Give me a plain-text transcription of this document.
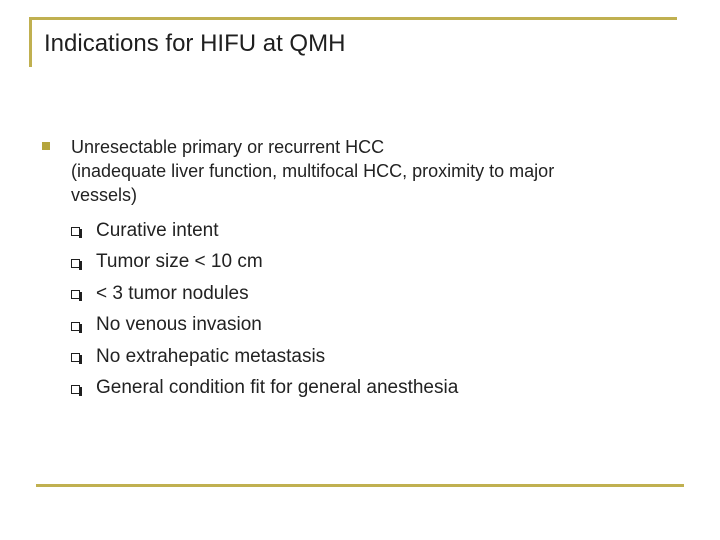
Indications for HIFU at QMH
Unresectable primary or recurrent HCC
(inadequate liver function, multifocal HCC, proximity to major
vessels)
Curative intent
Tumor size < 10 cm
< 3 tumor nodules
No venous invasion
No extrahepatic metastasis
General condition fit for general anesthesia
